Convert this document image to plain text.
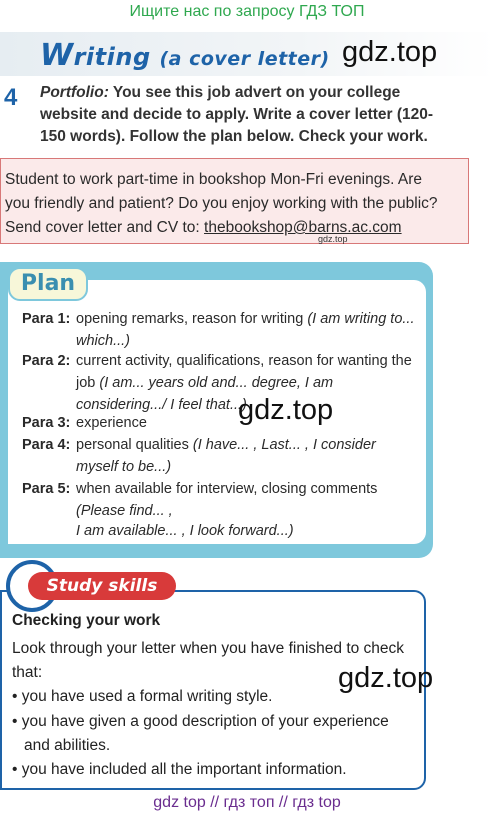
Ищите нас по запросу ГДЗ ТОП
Writing (a cover letter) gdz.top
4 Portfolio: You see this job advert on your college website and decide to apply. Write a cover letter (120-150 words). Follow the plan below. Check your work.
Student to work part-time in bookshop Mon-Fri evenings. Are
you friendly and patient? Do you enjoy working with the public?
Send cover letter and CV to: thebookshop@barns.ac.com
gdz.top
Plan
Para 1: opening remarks, reason for writing (I am writing to... which...)
Para 2: current activity, qualifications, reason for wanting the job (I am... years old and... degree, I am considering.../ I feel that...)
Para 3: experience
Para 4: personal qualities (I have... , Last... , I consider myself to be...)
Para 5: when available for interview, closing comments (Please find... ,
I am available... , I look forward...)
gdz.top
Study skills
Checking your work
Look through your letter when you have finished to check
that:
• you have used a formal writing style.
• you have given a good description of your experience
and abilities.
• you have included all the important information.
gdz.top
gdz top // гдз топ // гдз top
